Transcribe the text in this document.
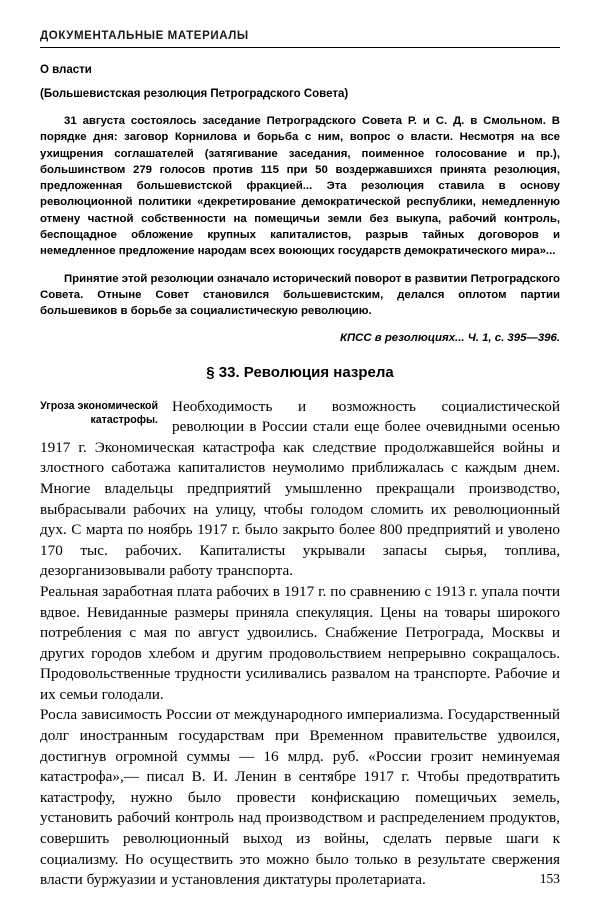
ДОКУМЕНТАЛЬНЫЕ МАТЕРИАЛЫ
О власти
(Большевистская резолюция Петроградского Совета)
31 августа состоялось заседание Петроградского Совета Р. и С. Д. в Смольном. В порядке дня: заговор Корнилова и борьба с ним, вопрос о власти. Несмотря на все ухищрения соглашателей (затягивание заседания, поименное голосование и пр.), большинством 279 голосов против 115 при 50 воздержавшихся принята резолюция, предложенная большевистской фракцией... Эта резолюция ставила в основу революционной политики «декретирование демократической республики, немедленную отмену частной собственности на помещичьи земли без выкупа, рабочий контроль, беспощадное обложение крупных капиталистов, разрыв тайных договоров и немедленное предложение народам всех воюющих государств демократического мира»...
Принятие этой резолюции означало исторический поворот в развитии Петроградского Совета. Отныне Совет становился большевистским, делался оплотом партии большевиков в борьбе за социалистическую революцию.
КПСС в резолюциях... Ч. 1, с. 395—396.
§ 33. Революция назрела
Угроза экономической катастрофы.
Необходимость и возможность социалистической революции в России стали еще более очевидными осенью 1917 г. Экономическая катастрофа как следствие продолжавшейся войны и злостного саботажа капиталистов неумолимо приближалась с каждым днем. Многие владельцы предприятий умышленно прекращали производство, выбрасывали рабочих на улицу, чтобы голодом сломить их революционный дух. С марта по ноябрь 1917 г. было закрыто более 800 предприятий и уволено 170 тыс. рабочих. Капиталисты укрывали запасы сырья, топлива, дезорганизовывали работу транспорта.

Реальная заработная плата рабочих в 1917 г. по сравнению с 1913 г. упала почти вдвое. Невиданные размеры приняла спекуляция. Цены на товары широкого потребления с мая по август удвоились. Снабжение Петрограда, Москвы и других городов хлебом и другим продовольствием непрерывно сокращалось. Продовольственные трудности усиливались развалом на транспорте. Рабочие и их семьи голодали.

Росла зависимость России от международного империализма. Государственный долг иностранным государствам при Временном правительстве удвоился, достигнув огромной суммы — 16 млрд. руб. «России грозит неминуемая катастрофа»,— писал В. И. Ленин в сентябре 1917 г. Чтобы предотвратить катастрофу, нужно было провести конфискацию помещичьих земель, установить рабочий контроль над производством и распределением продуктов, совершить революционный выход из войны, сделать первые шаги к социализму. Но осуществить это можно было только в результате свержения власти буржуазии и установления диктатуры пролетариата.	153
